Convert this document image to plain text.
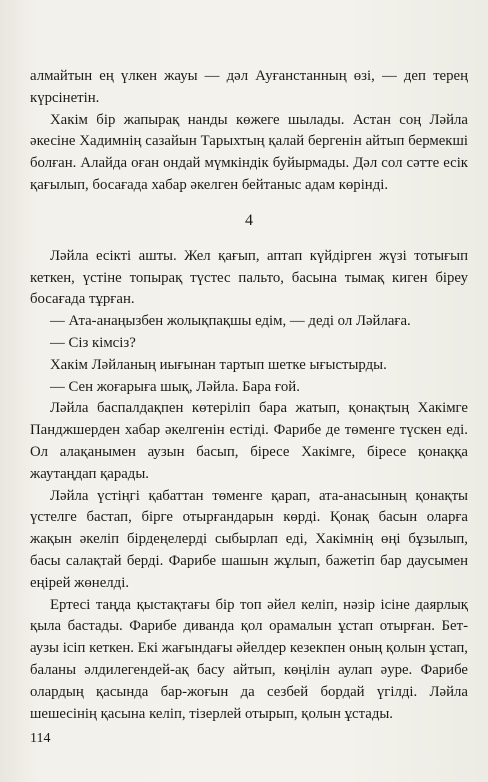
алмайтын ең үлкен жауы — дәл Ауғанстанның өзі, — деп терең күрсінетін.

Хакім бір жапырақ нанды көжеге шылады. Астан соң Ләйла әкесіне Хадимнің сазайын Тарыхтың қалай бергенін айтып бермекші болған. Алайда оған ондай мүмкіндік буйырмады. Дәл сол сәтте есік қағылып, босағада хабар әкелген бейтаныс адам көрінді.

4

Ләйла есікті ашты. Жел қағып, аптап күйдірген жүзі тотығып кеткен, үстіне топырақ түстес пальто, басына тымақ киген біреу босағада тұрған.

— Ата-анаңызбен жолықпақшы едім, — деді ол Ләйлаға.

— Сіз кімсіз?

Хакім Ләйланың иығынан тартып шетке ығыстырды.

— Сен жоғарыға шық, Ләйла. Бара ғой.

Ләйла баспалдақпен көтеріліп бара жатып, қонақтың Хакімге Панджшерден хабар әкелгенін естіді. Фарибе де төменге түскен еді. Ол алақанымен аузын басып, біресе Хакімге, біресе қонаққа жаутаңдап қарады.

Ләйла үстіңгі қабаттан төменге қарап, ата-анасының қонақты үстелге бастап, бірге отырғандарын көрді. Қонақ басын оларға жақын әкеліп бірдеңелерді сыбырлап еді, Хакімнің өңі бұзылып, басы салақтай берді. Фарибе шашын жұлып, бажетіп бар даусымен еңірей жөнелді.

Ертесі таңда қыстақтағы бір топ әйел келіп, нәзір ісіне даярлық қыла бастады. Фарибе диванда қол орамалын ұстап отырған. Бет-аузы ісіп кеткен. Екі жағындағы әйелдер кезекпен оның қолын ұстап, баланы әлдилегендей-ақ басу айтып, көңілін аулап әуре. Фарибе олардың қасында бар-жоғын да сезбей бордай үгілді. Ләйла шешесінің қасына келіп, тізерлей отырып, қолын ұстады.

114
